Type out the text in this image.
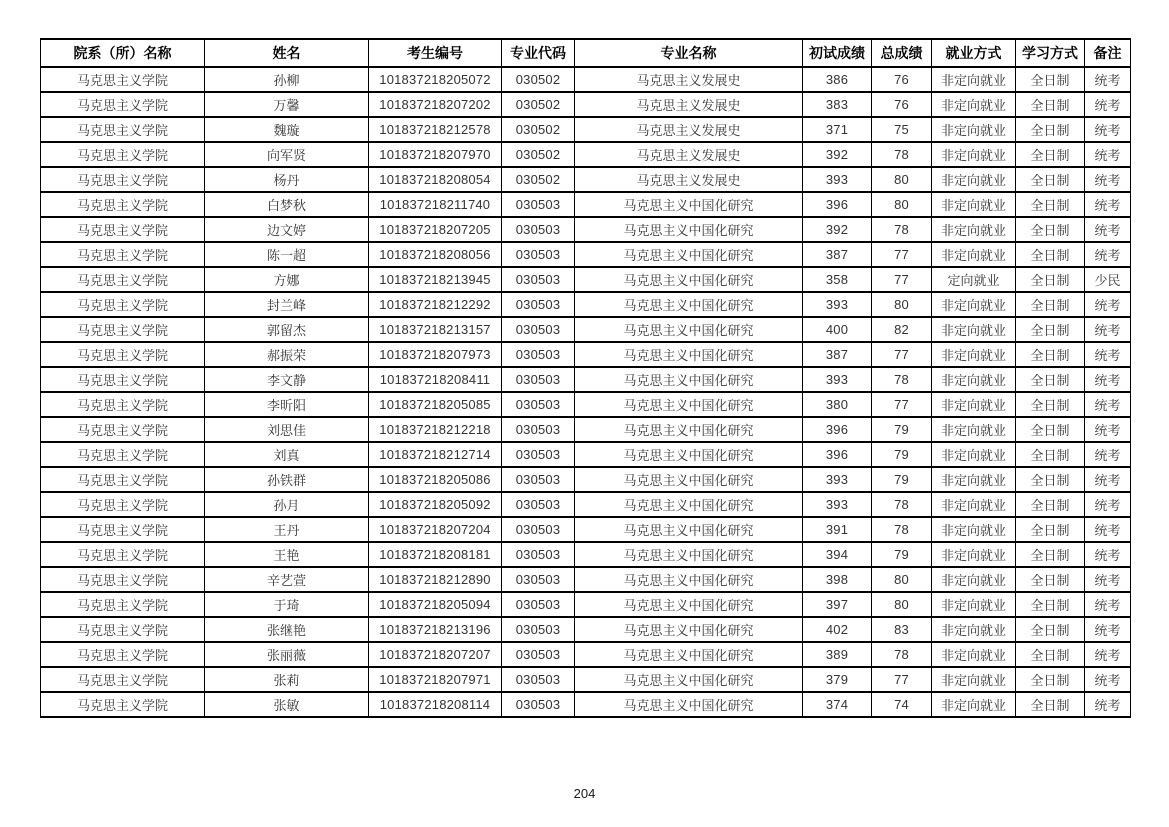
院系（所）名称	姓名	考生编号	专业代码	专业名称	初试成绩	总成绩	就业方式	学习方式	备注
马克思主义学院	孙柳	101837218205072	030502	马克思主义发展史	386	76	非定向就业	全日制	统考
马克思主义学院	万馨	101837218207202	030502	马克思主义发展史	383	76	非定向就业	全日制	统考
马克思主义学院	魏璇	101837218212578	030502	马克思主义发展史	371	75	非定向就业	全日制	统考
马克思主义学院	向军贤	101837218207970	030502	马克思主义发展史	392	78	非定向就业	全日制	统考
马克思主义学院	杨丹	101837218208054	030502	马克思主义发展史	393	80	非定向就业	全日制	统考
马克思主义学院	白梦秋	101837218211740	030503	马克思主义中国化研究	396	80	非定向就业	全日制	统考
马克思主义学院	边文婷	101837218207205	030503	马克思主义中国化研究	392	78	非定向就业	全日制	统考
马克思主义学院	陈一超	101837218208056	030503	马克思主义中国化研究	387	77	非定向就业	全日制	统考
马克思主义学院	方娜	101837218213945	030503	马克思主义中国化研究	358	77	定向就业	全日制	少民
马克思主义学院	封兰峰	101837218212292	030503	马克思主义中国化研究	393	80	非定向就业	全日制	统考
马克思主义学院	郭留杰	101837218213157	030503	马克思主义中国化研究	400	82	非定向就业	全日制	统考
马克思主义学院	郝振荣	101837218207973	030503	马克思主义中国化研究	387	77	非定向就业	全日制	统考
马克思主义学院	李文静	101837218208411	030503	马克思主义中国化研究	393	78	非定向就业	全日制	统考
马克思主义学院	李昕阳	101837218205085	030503	马克思主义中国化研究	380	77	非定向就业	全日制	统考
马克思主义学院	刘思佳	101837218212218	030503	马克思主义中国化研究	396	79	非定向就业	全日制	统考
马克思主义学院	刘真	101837218212714	030503	马克思主义中国化研究	396	79	非定向就业	全日制	统考
马克思主义学院	孙铁群	101837218205086	030503	马克思主义中国化研究	393	79	非定向就业	全日制	统考
马克思主义学院	孙月	101837218205092	030503	马克思主义中国化研究	393	78	非定向就业	全日制	统考
马克思主义学院	王丹	101837218207204	030503	马克思主义中国化研究	391	78	非定向就业	全日制	统考
马克思主义学院	王艳	101837218208181	030503	马克思主义中国化研究	394	79	非定向就业	全日制	统考
马克思主义学院	辛艺萱	101837218212890	030503	马克思主义中国化研究	398	80	非定向就业	全日制	统考
马克思主义学院	于琦	101837218205094	030503	马克思主义中国化研究	397	80	非定向就业	全日制	统考
马克思主义学院	张继艳	101837218213196	030503	马克思主义中国化研究	402	83	非定向就业	全日制	统考
马克思主义学院	张丽薇	101837218207207	030503	马克思主义中国化研究	389	78	非定向就业	全日制	统考
马克思主义学院	张莉	101837218207971	030503	马克思主义中国化研究	379	77	非定向就业	全日制	统考
马克思主义学院	张敏	101837218208114	030503	马克思主义中国化研究	374	74	非定向就业	全日制	统考
204
